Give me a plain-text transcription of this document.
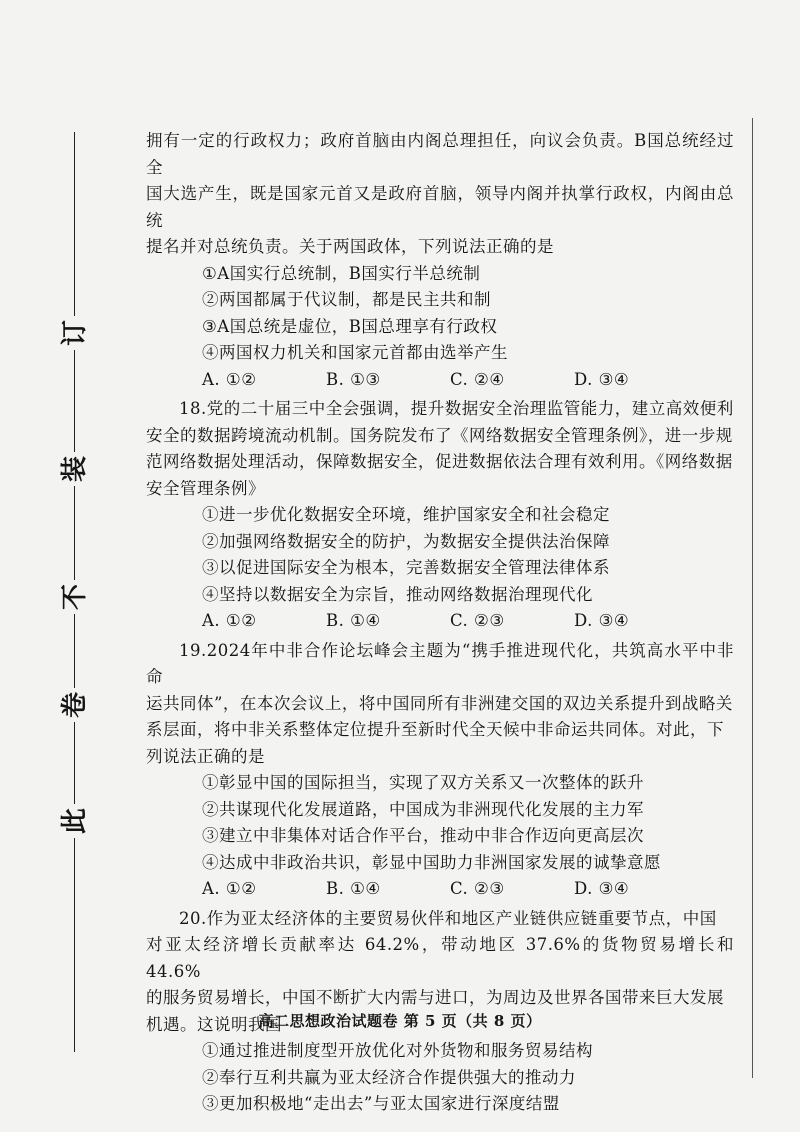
订
装
不
卷
此

拥有一定的行政权力；政府首脑由内阁总理担任，向议会负责。B国总统经过全

国大选产生，既是国家元首又是政府首脑，领导内阁并执掌行政权，内阁由总统

提名并对总统负责。关于两国政体，下列说法正确的是

①A国实行总统制，B国实行半总统制

②两国都属于代议制，都是民主共和制

③A国总统是虚位，B国总理享有行政权

④两国权力机关和国家元首都由选举产生

A. ①②	B. ①③	C. ②④	D. ③④

18.党的二十届三中全会强调，提升数据安全治理监管能力，建立高效便利

安全的数据跨境流动机制。国务院发布了《网络数据安全管理条例》，进一步规

范网络数据处理活动，保障数据安全，促进数据依法合理有效利用。《网络数据

安全管理条例》

①进一步优化数据安全环境，维护国家安全和社会稳定

②加强网络数据安全的防护，为数据安全提供法治保障

③以促进国际安全为根本，完善数据安全管理法律体系

④坚持以数据安全为宗旨，推动网络数据治理现代化

A. ①②	B. ①④	C. ②③	D. ③④

19.2024年中非合作论坛峰会主题为“携手推进现代化，共筑高水平中非命

运共同体”，在本次会议上，将中国同所有非洲建交国的双边关系提升到战略关

系层面，将中非关系整体定位提升至新时代全天候中非命运共同体。对此，下

列说法正确的是

①彰显中国的国际担当，实现了双方关系又一次整体的跃升

②共谋现代化发展道路，中国成为非洲现代化发展的主力军

③建立中非集体对话合作平台，推动中非合作迈向更高层次

④达成中非政治共识，彰显中国助力非洲国家发展的诚挚意愿

A. ①②	B. ①④	C. ②③	D. ③④

20.作为亚太经济体的主要贸易伙伴和地区产业链供应链重要节点，中国

对亚太经济增长贡献率达 64.2%，带动地区 37.6%的货物贸易增长和 44.6%

的服务贸易增长，中国不断扩大内需与进口，为周边及世界各国带来巨大发展

机遇。这说明我国

①通过推进制度型开放优化对外货物和服务贸易结构

②奉行互利共赢为亚太经济合作提供强大的推动力

③更加积极地“走出去”与亚太国家进行深度结盟

高二思想政治试题卷 第 5 页（共 8 页）
